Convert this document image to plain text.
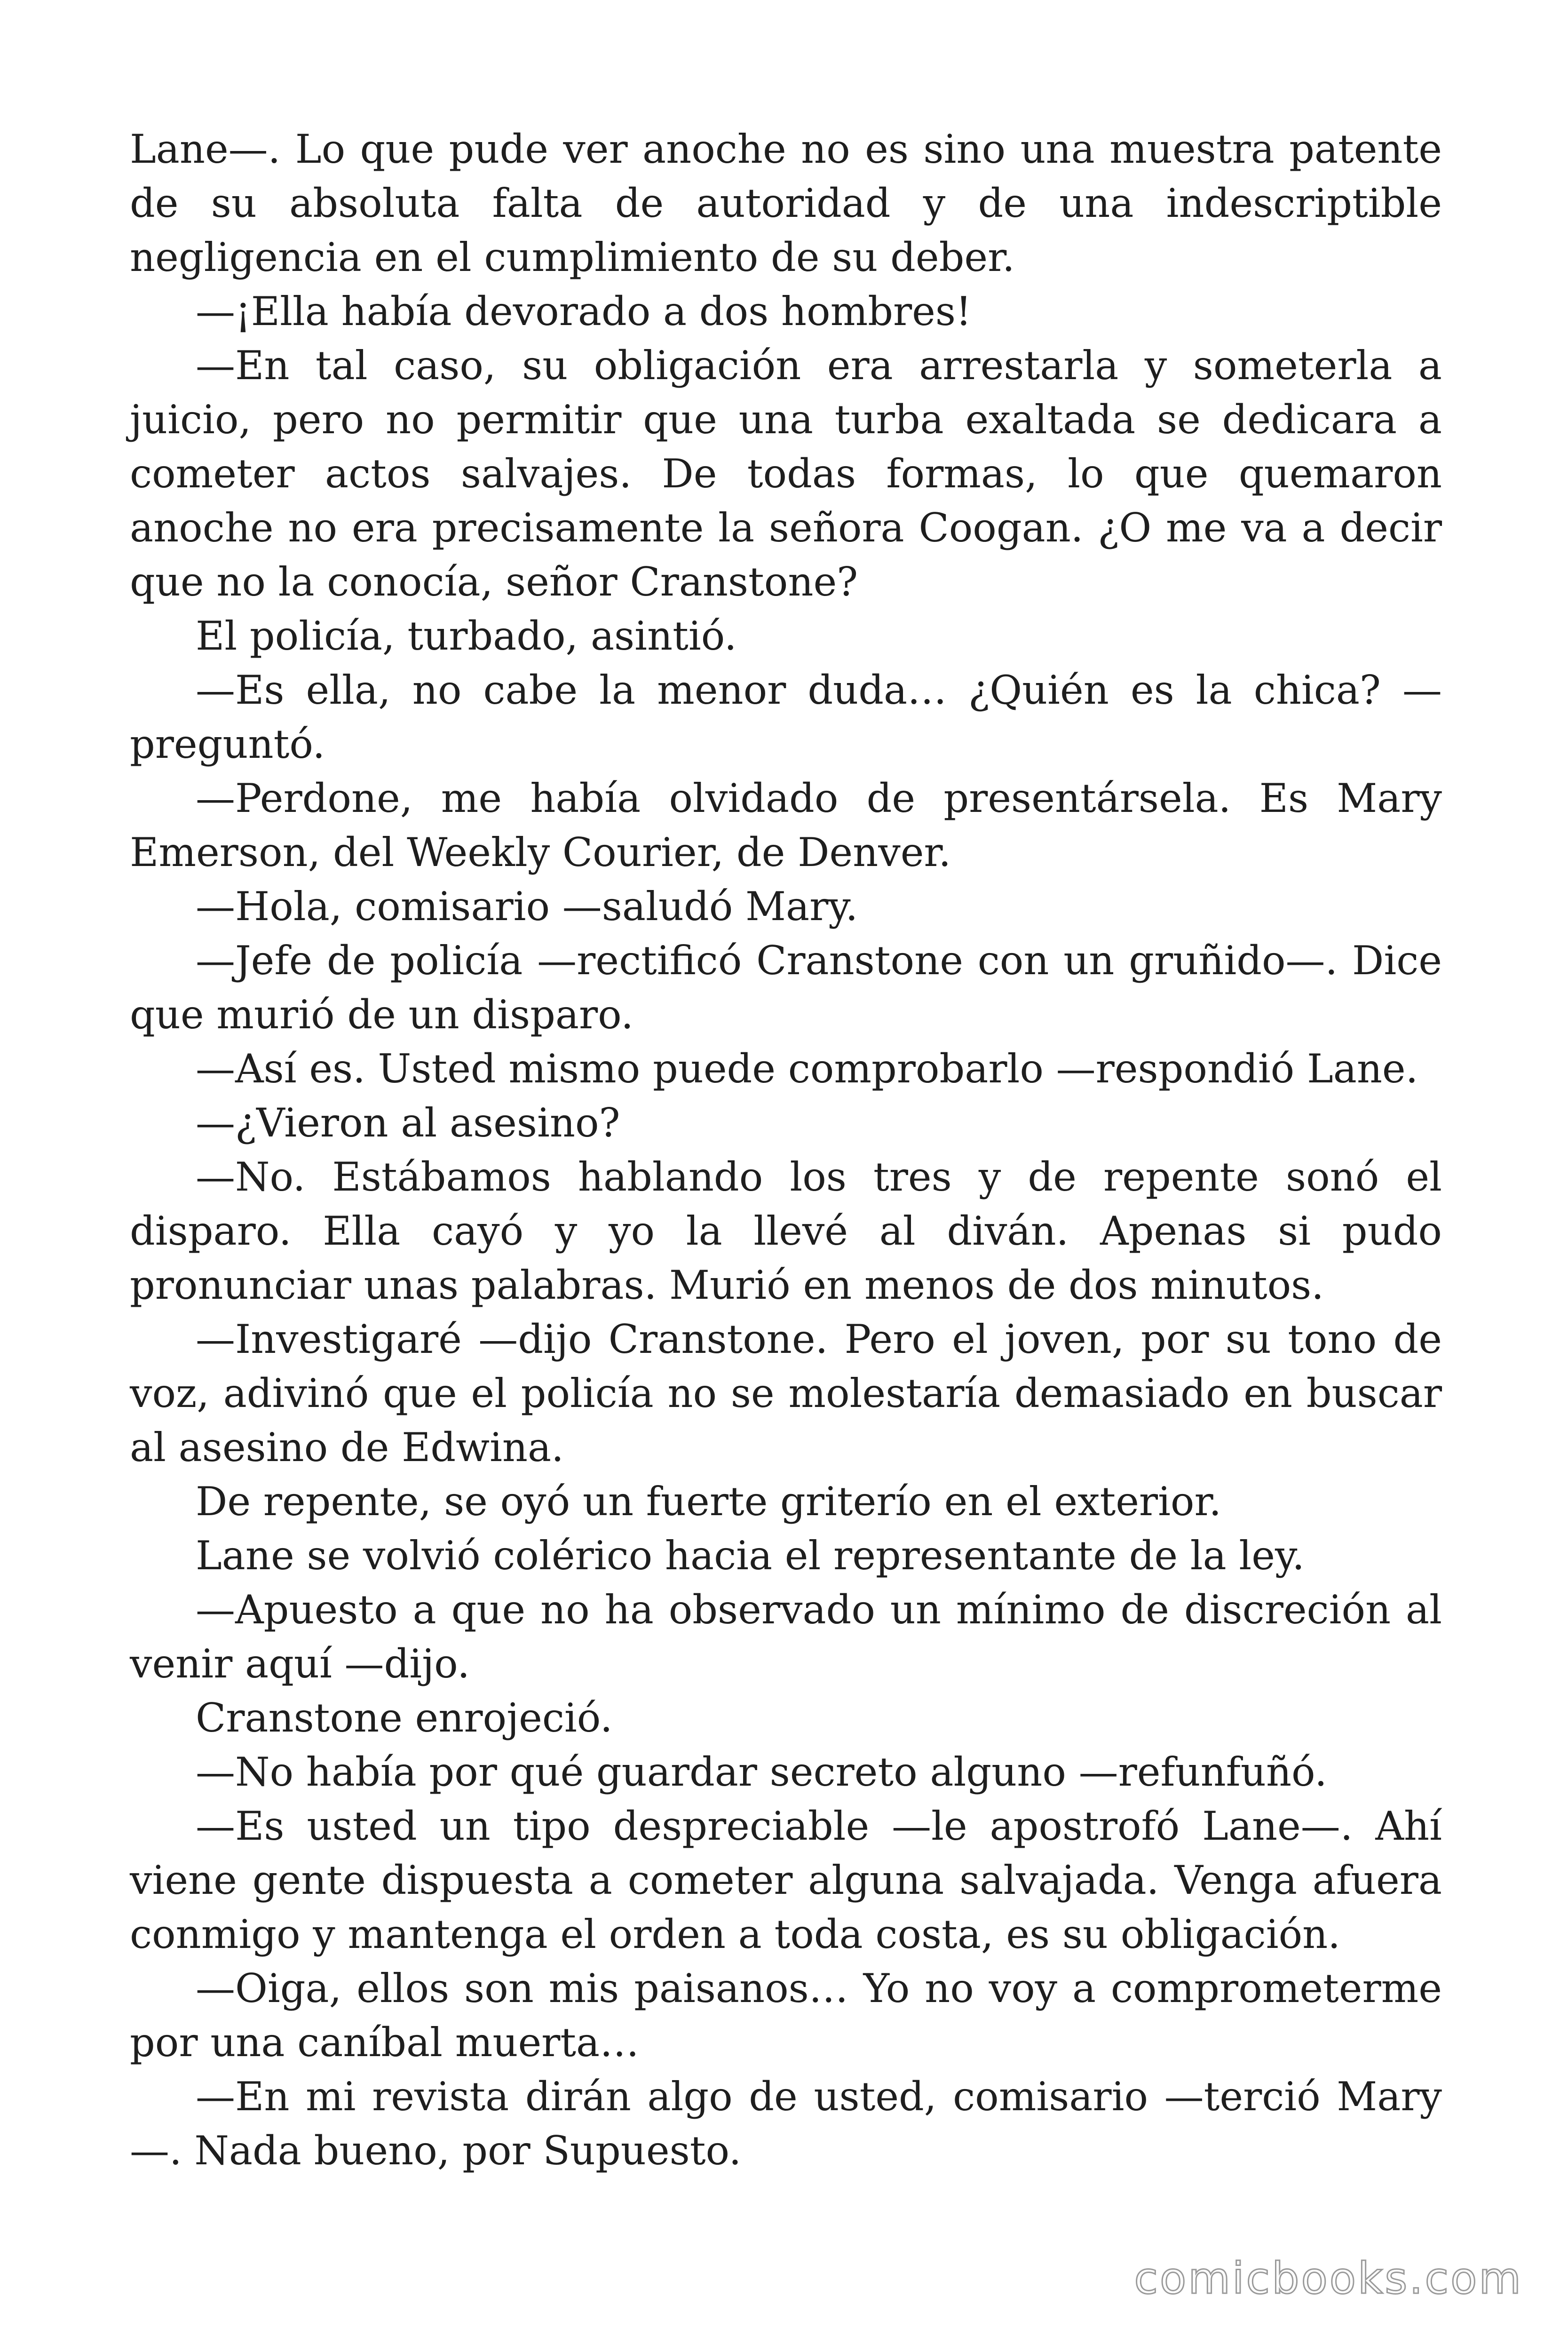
Lane—. Lo que pude ver anoche no es sino una muestra patente de su absoluta falta de autoridad y de una indescriptible negligencia en el cumplimiento de su deber.

—¡Ella había devorado a dos hombres!

—En tal caso, su obligación era arrestarla y someterla a juicio, pero no permitir que una turba exaltada se dedicara a cometer actos salvajes. De todas formas, lo que quemaron anoche no era precisamente la señora Coogan. ¿O me va a decir que no la conocía, señor Cranstone?

El policía, turbado, asintió.

—Es ella, no cabe la menor duda… ¿Quién es la chica? —preguntó.

—Perdone, me había olvidado de presentársela. Es Mary Emerson, del Weekly Courier, de Denver.

—Hola, comisario —saludó Mary.

—Jefe de policía —rectificó Cranstone con un gruñido—. Dice que murió de un disparo.

—Así es. Usted mismo puede comprobarlo —respondió Lane.

—¿Vieron al asesino?

—No. Estábamos hablando los tres y de repente sonó el disparo. Ella cayó y yo la llevé al diván. Apenas si pudo pronunciar unas palabras. Murió en menos de dos minutos.

—Investigaré —dijo Cranstone. Pero el joven, por su tono de voz, adivinó que el policía no se molestaría demasiado en buscar al asesino de Edwina.

De repente, se oyó un fuerte griterío en el exterior.

Lane se volvió colérico hacia el representante de la ley.

—Apuesto a que no ha observado un mínimo de discreción al venir aquí —dijo.

Cranstone enrojeció.

—No había por qué guardar secreto alguno —refunfuñó.

—Es usted un tipo despreciable —le apostrofó Lane—. Ahí viene gente dispuesta a cometer alguna salvajada. Venga afuera conmigo y mantenga el orden a toda costa, es su obligación.

—Oiga, ellos son mis paisanos… Yo no voy a comprometerme por una caníbal muerta…

—En mi revista dirán algo de usted, comisario —terció Mary—. Nada bueno, por Supuesto.

comicbooks.com
